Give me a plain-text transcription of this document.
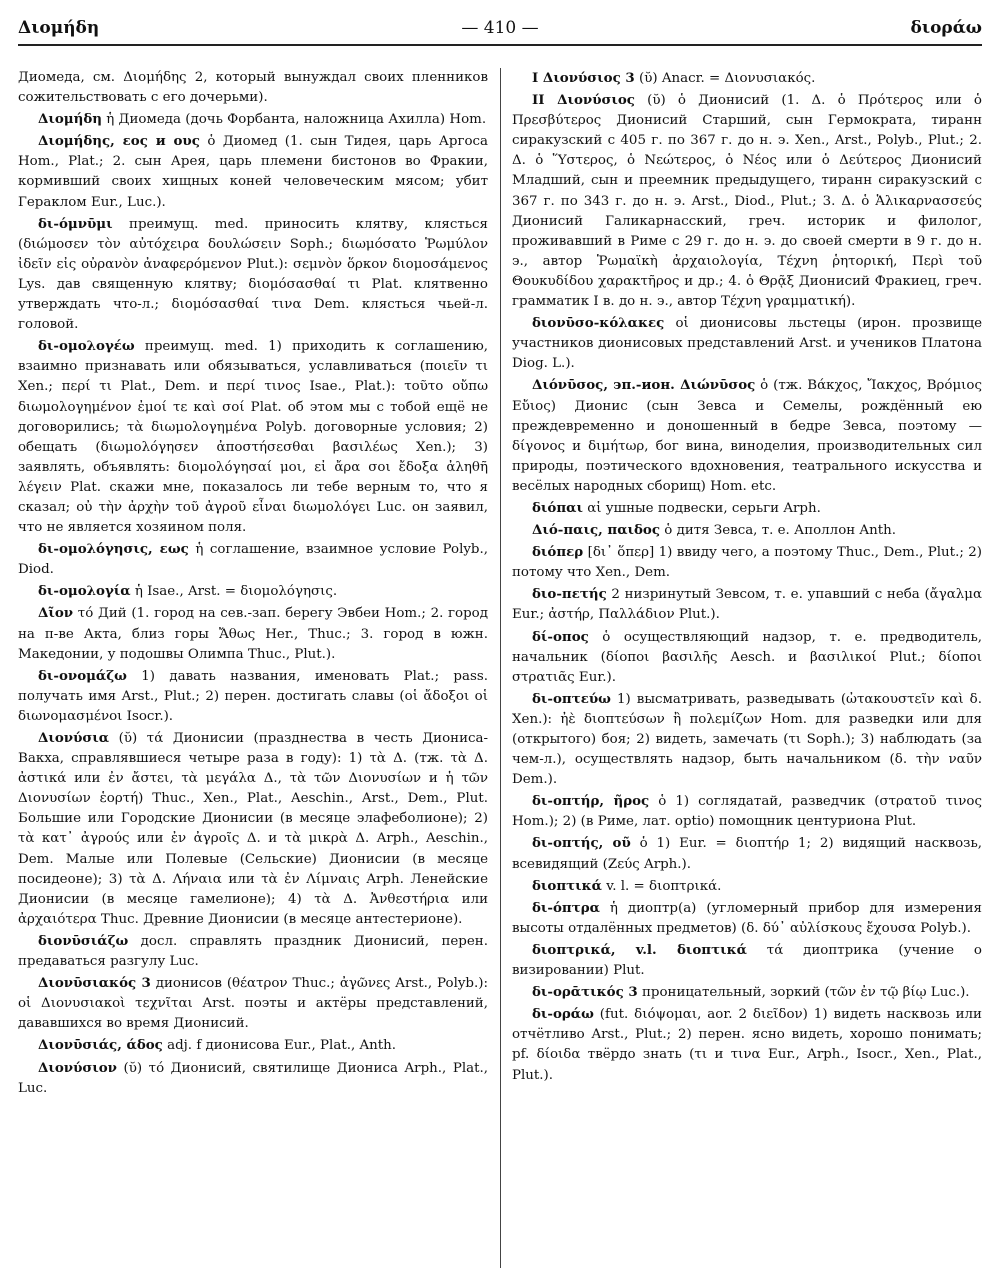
Διομήδη	— 410 —	διοράω

Диомеда, см. Διομήδης 2, который вынуждал своих пленников сожительствовать с его дочерьми).

Διομήδη ἡ Диомеда (дочь Форбанта, наложница Ахилла) Hom.

Διομήδης, εος и ους ὁ Диомед (1. сын Тидея, царь Аргоса Hom., Plat.; 2. сын Арея, царь племени бистонов во Фракии, кормивший своих хищных коней человеческим мясом; убит Гераклом Eur., Luc.).

δι-όμνῡμι преимущ. med. приносить клятву, клясться (διώμοσεν τὸν αὐτόχειρα δουλώσειν Soph.; διωμόσατο Ῥωμύλον ἰδεῖν εἰς οὐρανὸν ἀναφερόμενον Plut.): σεμνὸν ὅρκον διομοσάμενος Lys. дав священную клятву; διομόσασθαί τι Plat. клятвенно утверждать что-л.; διομόσασθαί τινα Dem. клясться чьей-л. головой.

δι-ομολογέω преимущ. med. 1) приходить к соглашению, взаимно признавать или обязываться, уславливаться (ποιεῖν τι Xen.; περί τι Plat., Dem. и περί τινος Isae., Plat.): τοῦτο οὔπω διωμολογημένον ἐμοί τε καὶ σοί Plat. об этом мы с тобой ещё не договорились; τὰ διωμολογημένα Polyb. договорные условия; 2) обещать (διωμολόγησεν ἀποστήσεσθαι βασιλέως Xen.); 3) заявлять, объявлять: διομολόγησαί μοι, εἰ ἄρα σοι ἔδοξα ἀληθῆ λέγειν Plat. скажи мне, показалось ли тебе верным то, что я сказал; οὐ τὴν ἀρχὴν τοῦ ἀγροῦ εἶναι διωμολόγει Luc. он заявил, что не является хозяином поля.

δι-ομολόγησις, εως ἡ соглашение, взаимное условие Polyb., Diod.

δι-ομολογία ἡ Isae., Arst. = διομολόγησις.

Δῖον τό Дий (1. город на сев.-зап. берегу Эвбеи Hom.; 2. город на п-ве Акта, близ горы Ἄθως Her., Thuc.; 3. город в южн. Македонии, у подошвы Олимпа Thuc., Plut.).

δι-ονομάζω 1) давать названия, именовать Plat.; pass. получать имя Arst., Plut.; 2) перен. достигать славы (οἱ ἄδοξοι οἱ διωνομασμένοι Isocr.).

Διονύσια (ῠ) τά Дионисии (празднества в честь Диониса-Вакха, справлявшиеся четыре раза в году): 1) τὰ Δ. (тж. τὰ Δ. ἀστικά или ἐν ἄστει, τὰ μεγάλα Δ., τὰ τῶν Διονυσίων и ἡ τῶν Διονυσίων ἑορτή) Thuc., Xen., Plat., Aeschin., Arst., Dem., Plut. Большие или Городские Дионисии (в месяце элафеболионе); 2) τὰ κατ᾽ ἀγρούς или ἐν ἀγροῖς Δ. и τὰ μικρὰ Δ. Arph., Aeschin., Dem. Малые или Полевые (Сельские) Дионисии (в месяце посидеоне); 3) τὰ Δ. Λήναια или τὰ ἐν Λίμναις Arph. Ленейские Дионисии (в месяце гамелионе); 4) τὰ Δ. Ἀνθεστήρια или ἀρχαιότερα Thuc. Древние Дионисии (в месяце антестерионе).

διονῡσιάζω досл. справлять праздник Дионисий, перен. предаваться разгулу Luc.

Διονῡσιακός 3 дионисов (θέατρον Thuc.; ἀγῶνες Arst., Polyb.): οἱ Διονυσιακοὶ τεχνῖται Arst. поэты и актёры представлений, дававшихся во время Дионисий.

Διονῡσιάς, άδος adj. f дионисова Eur., Plat., Anth.

Διονύσιον (ῠ) τό Дионисий, святилище Диониса Arph., Plat., Luc.

I Διονύσιος 3 (ῠ) Anacr. = Διονυσιακός.

II Διονύσιος (ῠ) ὁ Дионисий (1. Δ. ὁ Πρότερος или ὁ Πρεσβύτερος Дионисий Старший, сын Гермократа, тиранн сиракузский с 405 г. по 367 г. до н. э. Xen., Arst., Polyb., Plut.; 2. Δ. ὁ Ὕστερος, ὁ Νεώτερος, ὁ Νέος или ὁ Δεύτερος Дионисий Младший, сын и преемник предыдущего, тиранн сиракузский с 367 г. по 343 г. до н. э. Arst., Diod., Plut.; 3. Δ. ὁ Ἁλικαρνασσεύς Дионисий Галикарнасский, греч. историк и филолог, проживавший в Риме с 29 г. до н. э. до своей смерти в 9 г. до н. э., автор Ῥωμαϊκὴ ἀρχαιολογία, Τέχνη ῥητορική, Περὶ τοῦ Θουκυδίδου χαρακτῆρος и др.; 4. ὁ Θρᾷξ Дионисий Фракиец, греч. грамматик I в. до н. э., автор Τέχνη γραμματική).

διονῡσο-κόλακες οἱ дионисовы льстецы (ирон. прозвище участников дионисовых представлений Arst. и учеников Платона Diog. L.).

Διόνῡσος, эп.-ион. Διώνῡσος ὁ (тж. Βάκχος, Ἴακχος, Βρόμιος Εὔιος) Дионис (сын Зевса и Семелы, рождённый ею преждевременно и доношенный в бедре Зевса, поэтому — δίγονος и διμήτωρ, бог вина, виноделия, производительных сил природы, поэтического вдохновения, театрального искусства и весёлых народных сборищ) Hom. etc.

διόπαι αἱ ушные подвески, серьги Arph.

Διό-παις, παιδος ὁ дитя Зевса, т. е. Аполлон Anth.

διόπερ [δι᾽ ὅπερ] 1) ввиду чего, а поэтому Thuc., Dem., Plut.; 2) потому что Xen., Dem.

διο-πετής 2 низринутый Зевсом, т. е. упавший с неба (ἄγαλμα Eur.; ἀστήρ, Παλλάδιον Plut.).

δί-οπος ὁ осуществляющий надзор, т. е. предводитель, начальник (δίοποι βασιλῆς Aesch. и βασιλικοί Plut.; δίοποι στρατιᾶς Eur.).

δι-οπτεύω 1) высматривать, разведывать (ὠτακουστεῖν καὶ δ. Xen.): ἠὲ διοπτεύσων ἢ πολεμίζων Hom. для разведки или для (открытого) боя; 2) видеть, замечать (τι Soph.); 3) наблюдать (за чем-л.), осуществлять надзор, быть начальником (δ. τὴν ναῦν Dem.).

δι-οπτήρ, ῆρος ὁ 1) соглядатай, разведчик (στρατοῦ τινος Hom.); 2) (в Риме, лат. optio) помощник центуриона Plut.

δι-οπτής, οῦ ὁ 1) Eur. = διοπτήρ 1; 2) видящий насквозь, всевидящий (Ζεύς Arph.).

διοπτικά v. l. = διοπτρικά.

δι-όπτρα ἡ диоптр(а) (угломерный прибор для измерения высоты отдалённых предметов) (δ. δύ᾽ αὐλίσκους ἔχουσα Polyb.).

διοπτρικά, v.l. διοπτικά τά диоптрика (учение о визировании) Plut.

δι-ορᾱτικός 3 проницательный, зоркий (τῶν ἐν τῷ βίῳ Luc.).

δι-οράω (fut. διόψομαι, aor. 2 διεῖδον) 1) видеть насквозь или отчётливо Arst., Plut.; 2) перен. ясно видеть, хорошо понимать; pf. δίοιδα твёрдо знать (τι и τινα Eur., Arph., Isocr., Xen., Plat., Plut.).
